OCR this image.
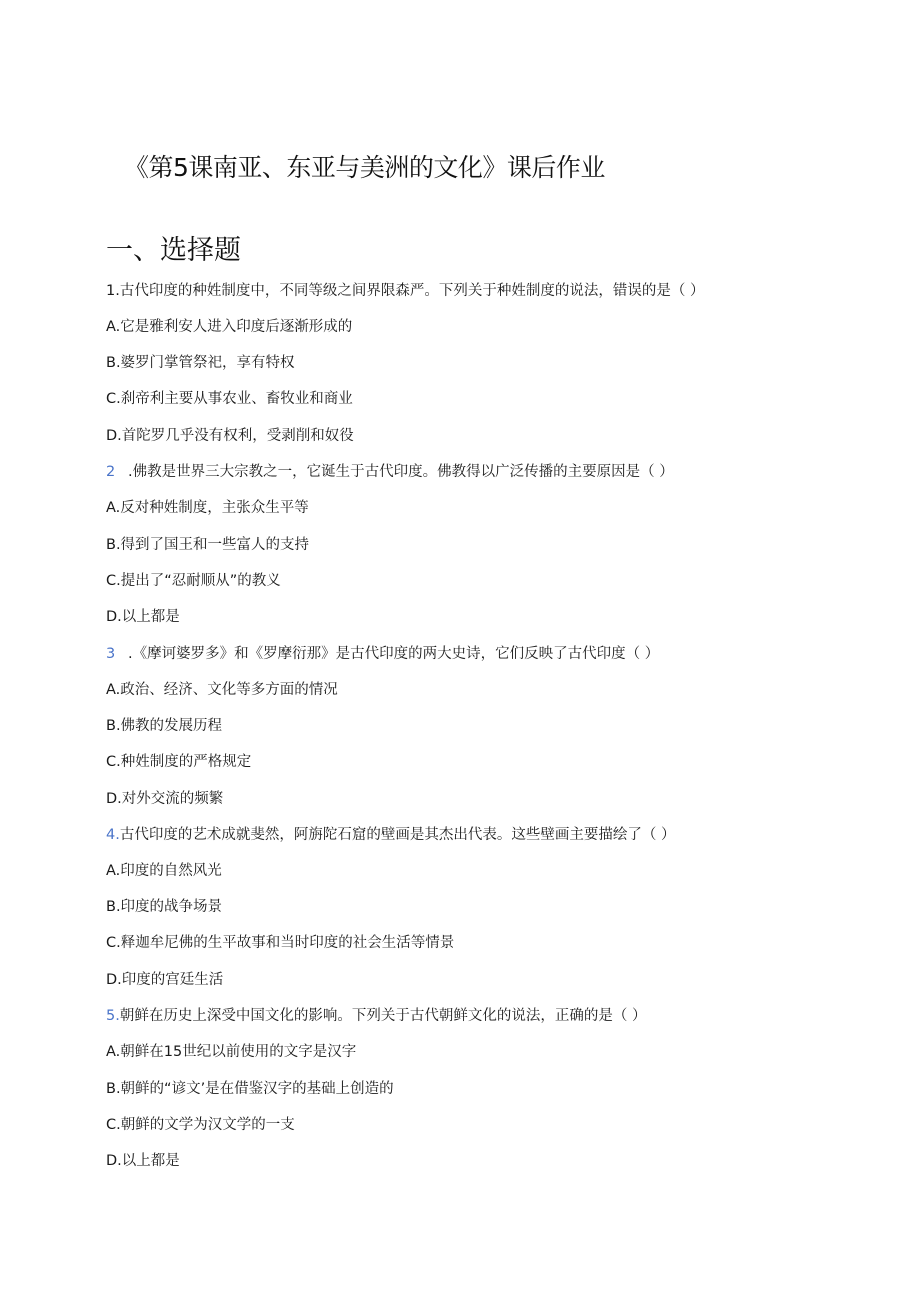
《第5课南亚、东亚与美洲的文化》课后作业
一、选择题
1.古代印度的种姓制度中，不同等级之间界限森严。下列关于种姓制度的说法，错误的是（ ）
A.它是雅利安人进入印度后逐渐形成的
B.婆罗门掌管祭祀，享有特权
C.刹帝利主要从事农业、畜牧业和商业
D.首陀罗几乎没有权利，受剥削和奴役
2 .佛教是世界三大宗教之一，它诞生于古代印度。佛教得以广泛传播的主要原因是（ ）
A.反对种姓制度，主张众生平等
B.得到了国王和一些富人的支持
C.提出了“忍耐顺从”的教义
D.以上都是
3 .《摩诃婆罗多》和《罗摩衍那》是古代印度的两大史诗，它们反映了古代印度（ ）
A.政治、经济、文化等多方面的情况
B.佛教的发展历程
C.种姓制度的严格规定
D.对外交流的频繁
4.古代印度的艺术成就斐然，阿旃陀石窟的壁画是其杰出代表。这些壁画主要描绘了（ ）
A.印度的自然风光
B.印度的战争场景
C.释迦牟尼佛的生平故事和当时印度的社会生活等情景
D.印度的宫廷生活
5.朝鲜在历史上深受中国文化的影响。下列关于古代朝鲜文化的说法，正确的是（ ）
A.朝鲜在15世纪以前使用的文字是汉字
B.朝鲜的“谚文’是在借鉴汉字的基础上创造的
C.朝鲜的文学为汉文学的一支
D.以上都是
